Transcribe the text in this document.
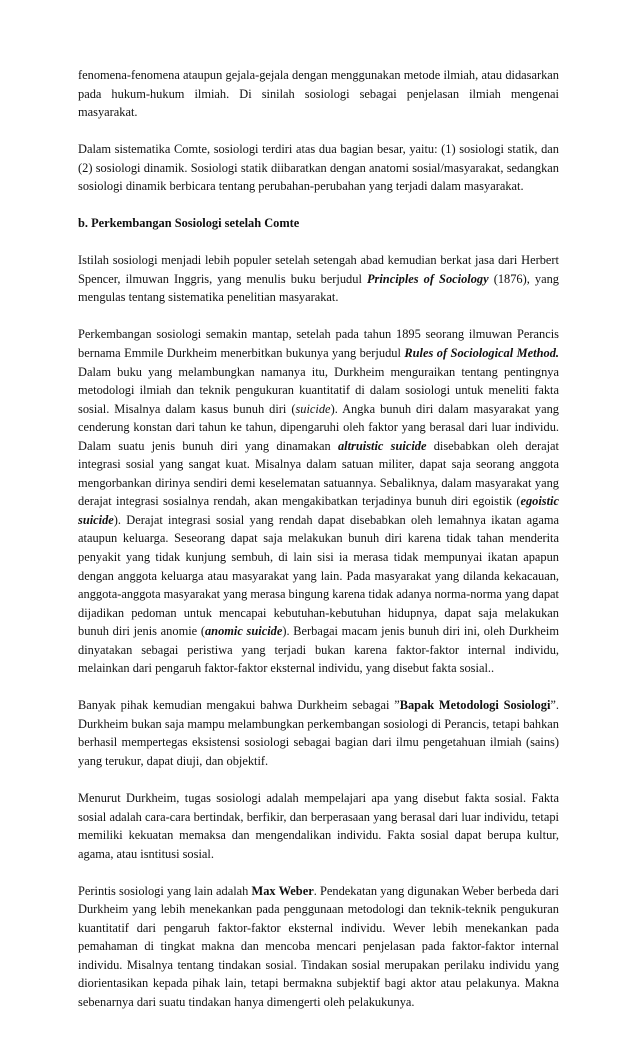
fenomena-fenomena ataupun gejala-gejala dengan menggunakan metode ilmiah, atau didasarkan pada hukum-hukum ilmiah. Di sinilah sosiologi sebagai penjelasan ilmiah mengenai masyarakat.

Dalam sistematika Comte, sosiologi terdiri atas dua bagian besar, yaitu: (1) sosiologi statik, dan (2) sosiologi dinamik. Sosiologi statik diibaratkan dengan anatomi sosial/masyarakat, sedangkan sosiologi dinamik berbicara tentang perubahan-perubahan yang terjadi dalam masyarakat.

b. Perkembangan Sosiologi setelah Comte

Istilah sosiologi menjadi lebih populer setelah setengah abad kemudian berkat jasa dari Herbert Spencer, ilmuwan Inggris, yang menulis buku berjudul Principles of Sociology (1876), yang mengulas tentang sistematika penelitian masyarakat.

Perkembangan sosiologi semakin mantap, setelah pada tahun 1895 seorang ilmuwan Perancis bernama Emmile Durkheim menerbitkan bukunya yang berjudul Rules of Sociological Method. Dalam buku yang melambungkan namanya itu, Durkheim menguraikan tentang pentingnya metodologi ilmiah dan teknik pengukuran kuantitatif di dalam sosiologi untuk meneliti fakta sosial. Misalnya dalam kasus bunuh diri (suicide). Angka bunuh diri dalam masyarakat yang cenderung konstan dari tahun ke tahun, dipengaruhi oleh faktor yang berasal dari luar individu. Dalam suatu jenis bunuh diri yang dinamakan altruistic suicide disebabkan oleh derajat integrasi sosial yang sangat kuat. Misalnya dalam satuan militer, dapat saja seorang anggota mengorbankan dirinya sendiri demi keselematan satuannya. Sebaliknya, dalam masyarakat yang derajat integrasi sosialnya rendah, akan mengakibatkan terjadinya bunuh diri egoistik (egoistic suicide). Derajat integrasi sosial yang rendah dapat disebabkan oleh lemahnya ikatan agama ataupun keluarga. Seseorang dapat saja melakukan bunuh diri karena tidak tahan menderita penyakit yang tidak kunjung sembuh, di lain sisi ia merasa tidak mempunyai ikatan apapun dengan anggota keluarga atau masyarakat yang lain. Pada masyarakat yang dilanda kekacauan, anggota-anggota masyarakat yang merasa bingung karena tidak adanya norma-norma yang dapat dijadikan pedoman untuk mencapai kebutuhan-kebutuhan hidupnya, dapat saja melakukan bunuh diri jenis anomie (anomic suicide). Berbagai macam jenis bunuh diri ini, oleh Durkheim dinyatakan sebagai peristiwa yang terjadi bukan karena faktor-faktor internal individu, melainkan dari pengaruh faktor-faktor eksternal individu, yang disebut fakta sosial..

Banyak pihak kemudian mengakui bahwa Durkheim sebagai ”Bapak Metodologi Sosiologi”. Durkheim bukan saja mampu melambungkan perkembangan sosiologi di Perancis, tetapi bahkan berhasil mempertegas eksistensi sosiologi sebagai bagian dari ilmu pengetahuan ilmiah (sains) yang terukur, dapat diuji, dan objektif.

Menurut Durkheim, tugas sosiologi adalah mempelajari apa yang disebut fakta sosial. Fakta sosial adalah cara-cara bertindak, berfikir, dan berperasaan yang berasal dari luar individu, tetapi memiliki kekuatan memaksa dan mengendalikan individu. Fakta sosial dapat berupa kultur, agama, atau isntitusi sosial.

Perintis sosiologi yang lain adalah Max Weber. Pendekatan yang digunakan Weber berbeda dari Durkheim yang lebih menekankan pada penggunaan metodologi dan teknik-teknik pengukuran kuantitatif dari pengaruh faktor-faktor eksternal individu. Wever lebih menekankan pada pemahaman di tingkat makna dan mencoba mencari penjelasan pada faktor-faktor internal individu. Misalnya tentang tindakan sosial. Tindakan sosial merupakan perilaku individu yang diorientasikan kepada pihak lain, tetapi bermakna subjektif bagi aktor atau pelakunya. Makna sebenarnya dari suatu tindakan hanya dimengerti oleh pelakukunya.
